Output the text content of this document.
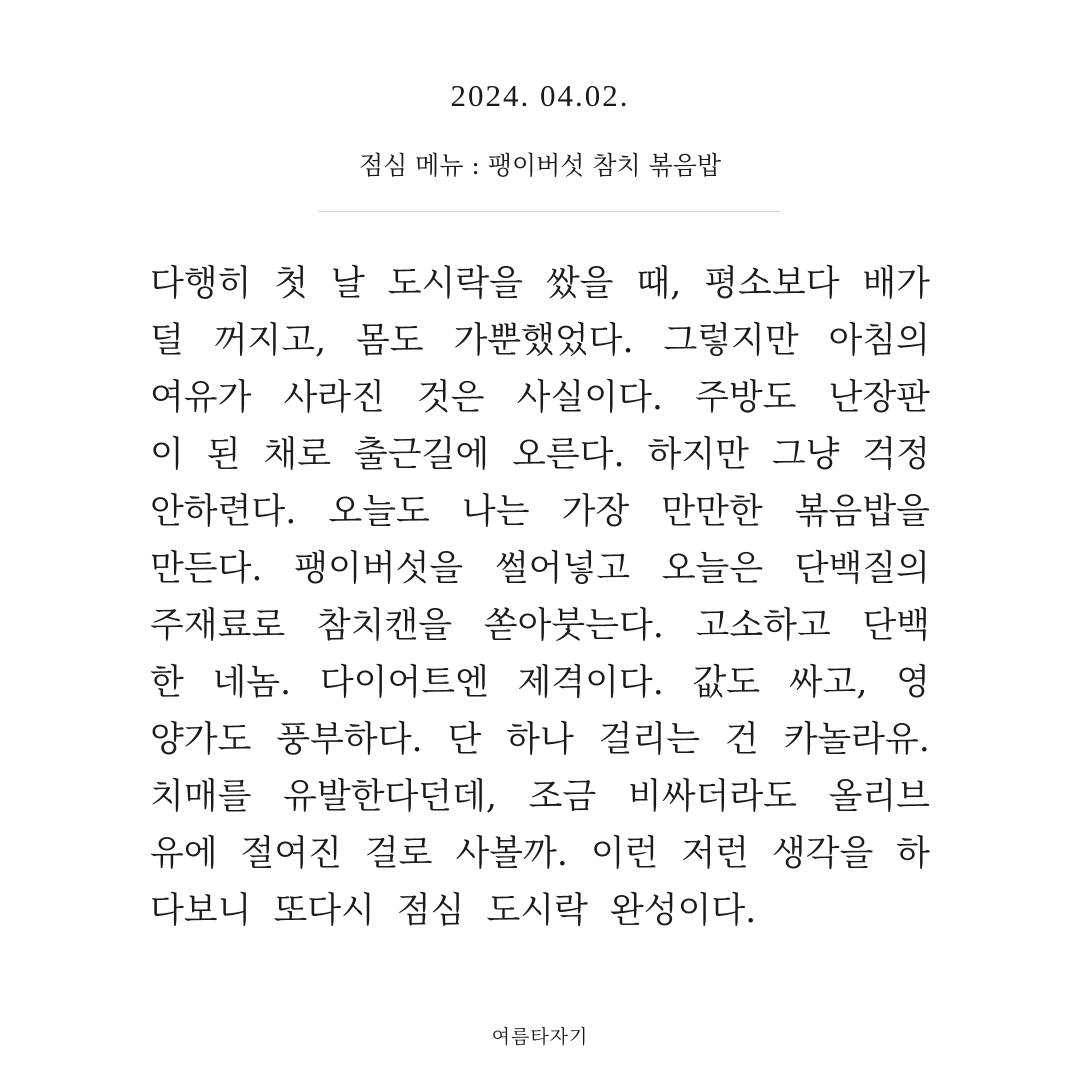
2024. 04.02.
점심 메뉴 : 팽이버섯 참치 볶음밥
다행히 첫 날 도시락을 쌌을 때, 평소보다 배가
덜 꺼지고, 몸도 가뿐했었다. 그렇지만 아침의
여유가 사라진 것은 사실이다. 주방도 난장판
이 된 채로 출근길에 오른다. 하지만 그냥 걱정
안하련다. 오늘도 나는 가장 만만한 볶음밥을
만든다. 팽이버섯을 썰어넣고 오늘은 단백질의
주재료로 참치캔을 쏟아붓는다. 고소하고 단백
한 네놈. 다이어트엔 제격이다. 값도 싸고, 영
양가도 풍부하다. 단 하나 걸리는 건 카놀라유.
치매를 유발한다던데, 조금 비싸더라도 올리브
유에 절여진 걸로 사볼까. 이런 저런 생각을 하
다보니 또다시 점심 도시락 완성이다.
여름타자기
